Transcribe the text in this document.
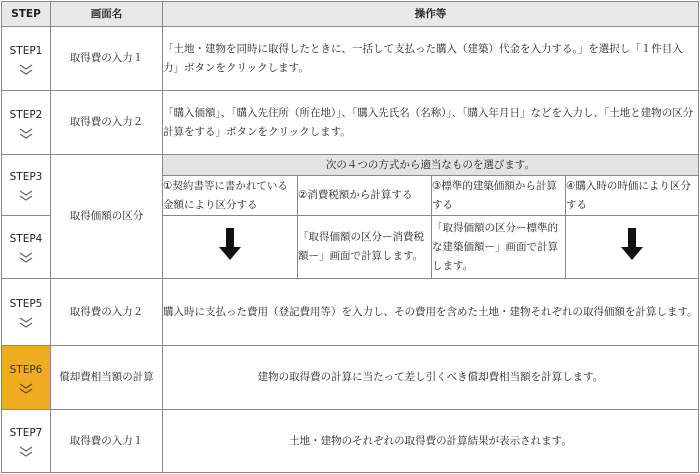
STEP	画面名	操作等			
STEP1	取得費の入力１	「土地・建物を同時に取得したときに、一括して支払った購入（建築）代金を入力する。」を選択し「１件目入力」ボタンをクリックします。			
STEP2	取得費の入力２	「購入価額」、「購入先住所（所在地）」、「購入先氏名（名称）」、「購入年月日」などを入力し、「土地と建物の区分計算をする」ボタンをクリックします。			
STEP3	取得価額の区分	次の４つの方式から適当なものを選びます。			
		①契約書等に書かれている金額により区分する	②消費税額から計算する	③標準的建築価額から計算する	④購入時の時価により区分する
STEP4			「取得価額の区分ー消費税額ー」画面で計算します。	「取得価額の区分ー標準的な建築価額ー」画面で計算します。	

STEP5	取得費の入力２	購入時に支払った費用（登記費用等）を入力し、その費用を含めた土地・建物それぞれの取得価額を計算します。			
STEP6	償却費相当額の計算	建物の取得費の計算に当たって差し引くべき償却費相当額を計算します。			
STEP7	取得費の入力１	土地・建物のそれぞれの取得費の計算結果が表示されます。			
